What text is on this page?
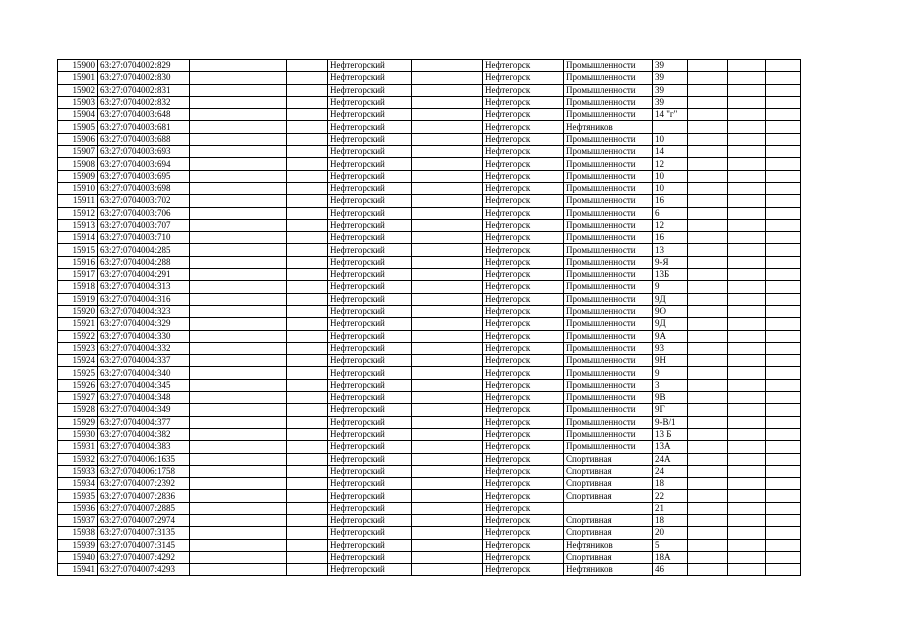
15900	63:27:0704002:829			Нефтегорский		Нефтегорск	Промышленности	39			
15901	63:27:0704002:830			Нефтегорский		Нефтегорск	Промышленности	39			
15902	63:27:0704002:831			Нефтегорский		Нефтегорск	Промышленности	39			
15903	63:27:0704002:832			Нефтегорский		Нефтегорск	Промышленности	39			
15904	63:27:0704003:648			Нефтегорский		Нефтегорск	Промышленности	14 "г"			
15905	63:27:0704003:681			Нефтегорский		Нефтегорск	Нефтяников				
15906	63:27:0704003:688			Нефтегорский		Нефтегорск	Промышленности	10			
15907	63:27:0704003:693			Нефтегорский		Нефтегорск	Промышленности	14			
15908	63:27:0704003:694			Нефтегорский		Нефтегорск	Промышленности	12			
15909	63:27:0704003:695			Нефтегорский		Нефтегорск	Промышленности	10			
15910	63:27:0704003:698			Нефтегорский		Нефтегорск	Промышленности	10			
15911	63:27:0704003:702			Нефтегорский		Нефтегорск	Промышленности	16			
15912	63:27:0704003:706			Нефтегорский		Нефтегорск	Промышленности	6			
15913	63:27:0704003:707			Нефтегорский		Нефтегорск	Промышленности	12			
15914	63:27:0704003:710			Нефтегорский		Нефтегорск	Промышленности	16			
15915	63:27:0704004:285			Нефтегорский		Нефтегорск	Промышленности	13			
15916	63:27:0704004:288			Нефтегорский		Нефтегорск	Промышленности	9-Я			
15917	63:27:0704004:291			Нефтегорский		Нефтегорск	Промышленности	13Б			
15918	63:27:0704004:313			Нефтегорский		Нефтегорск	Промышленности	9			
15919	63:27:0704004:316			Нефтегорский		Нефтегорск	Промышленности	9Д			
15920	63:27:0704004:323			Нефтегорский		Нефтегорск	Промышленности	9О			
15921	63:27:0704004:329			Нефтегорский		Нефтегорск	Промышленности	9Д			
15922	63:27:0704004:330			Нефтегорский		Нефтегорск	Промышленности	9А			
15923	63:27:0704004:332			Нефтегорский		Нефтегорск	Промышленности	93			
15924	63:27:0704004:337			Нефтегорский		Нефтегорск	Промышленности	9Н			
15925	63:27:0704004:340			Нефтегорский		Нефтегорск	Промышленности	9			
15926	63:27:0704004:345			Нефтегорский		Нефтегорск	Промышленности	3			
15927	63:27:0704004:348			Нефтегорский		Нефтегорск	Промышленности	9В			
15928	63:27:0704004:349			Нефтегорский		Нефтегорск	Промышленности	9Г			
15929	63:27:0704004:377			Нефтегорский		Нефтегорск	Промышленности	9-В/1			
15930	63:27:0704004:382			Нефтегорский		Нефтегорск	Промышленности	13 Б			
15931	63:27:0704004:383			Нефтегорский		Нефтегорск	Промышленности	13А			
15932	63:27:0704006:1635			Нефтегорский		Нефтегорск	Спортивная	24А			
15933	63:27:0704006:1758			Нефтегорский		Нефтегорск	Спортивная	24			
15934	63:27:0704007:2392			Нефтегорский		Нефтегорск	Спортивная	18			
15935	63:27:0704007:2836			Нефтегорский		Нефтегорск	Спортивная	22			
15936	63:27:0704007:2885			Нефтегорский		Нефтегорск		21			
15937	63:27:0704007:2974			Нефтегорский		Нефтегорск	Спортивная	18			
15938	63:27:0704007:3135			Нефтегорский		Нефтегорск	Спортивная	20			
15939	63:27:0704007:3145			Нефтегорский		Нефтегорск	Нефтяников	5			
15940	63:27:0704007:4292			Нефтегорский		Нефтегорск	Спортивная	18А			
15941	63:27:0704007:4293			Нефтегорский		Нефтегорск	Нефтяников	46			
